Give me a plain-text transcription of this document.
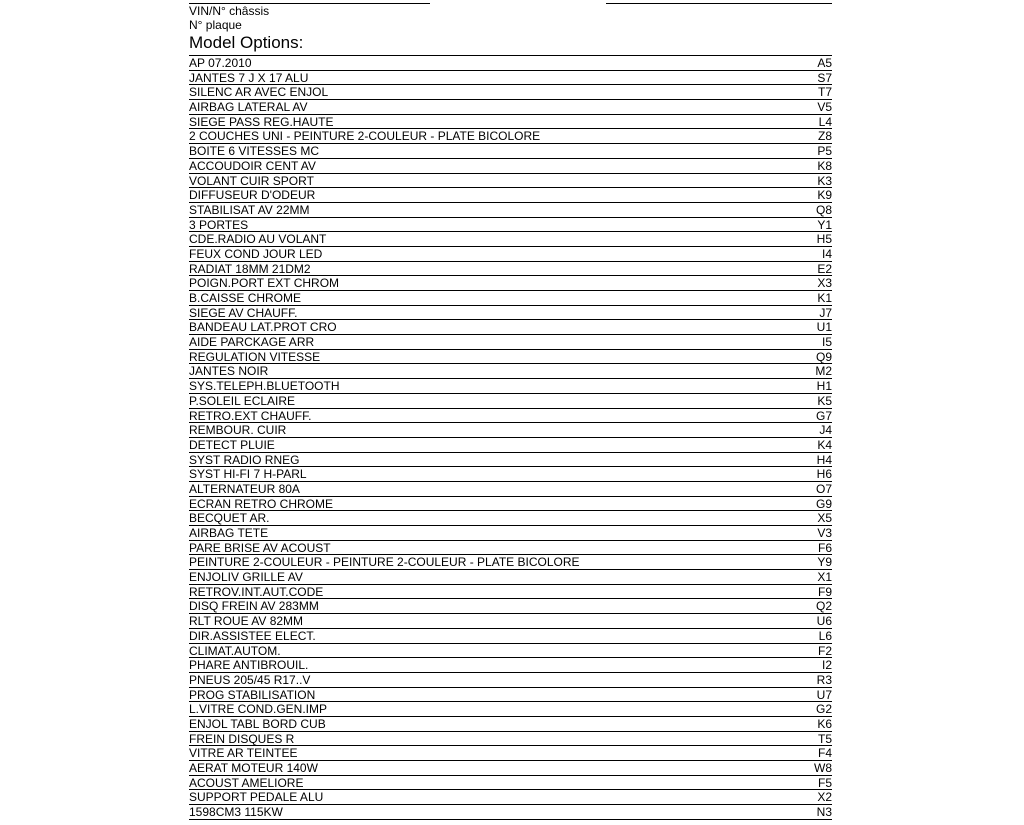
VIN/N° châssis
N° plaque
Model Options:
AP 07.2010	A5
JANTES 7 J X 17 ALU	S7
SILENC AR AVEC ENJOL	T7
AIRBAG LATERAL AV	V5
SIEGE PASS REG.HAUTE	L4
2 COUCHES UNI - PEINTURE 2-COULEUR - PLATE BICOLORE	Z8
BOITE 6 VITESSES MC	P5
ACCOUDOIR CENT AV	K8
VOLANT CUIR SPORT	K3
DIFFUSEUR D'ODEUR	K9
STABILISAT AV 22MM	Q8
3 PORTES	Y1
CDE.RADIO AU VOLANT	H5
FEUX COND JOUR LED	I4
RADIAT 18MM 21DM2	E2
POIGN.PORT EXT CHROM	X3
B.CAISSE CHROME	K1
SIEGE AV CHAUFF.	J7
BANDEAU LAT.PROT CRO	U1
AIDE PARCKAGE ARR	I5
REGULATION VITESSE	Q9
JANTES NOIR	M2
SYS.TELEPH.BLUETOOTH	H1
P.SOLEIL ECLAIRE	K5
RETRO.EXT CHAUFF.	G7
REMBOUR. CUIR	J4
DETECT PLUIE	K4
SYST RADIO RNEG	H4
SYST HI-FI 7 H-PARL	H6
ALTERNATEUR 80A	O7
ECRAN RETRO CHROME	G9
BECQUET AR.	X5
AIRBAG TETE	V3
PARE BRISE AV ACOUST	F6
PEINTURE 2-COULEUR - PEINTURE 2-COULEUR - PLATE BICOLORE	Y9
ENJOLIV GRILLE AV	X1
RETROV.INT.AUT.CODE	F9
DISQ FREIN AV 283MM	Q2
RLT ROUE AV 82MM	U6
DIR.ASSISTEE ELECT.	L6
CLIMAT.AUTOM.	F2
PHARE ANTIBROUIL.	I2
PNEUS 205/45 R17..V	R3
PROG STABILISATION	U7
L.VITRE COND.GEN.IMP	G2
ENJOL TABL BORD CUB	K6
FREIN DISQUES R	T5
VITRE AR TEINTEE	F4
AERAT MOTEUR 140W	W8
ACOUST AMELIORE	F5
SUPPORT PEDALE ALU	X2
1598CM3 115KW	N3
